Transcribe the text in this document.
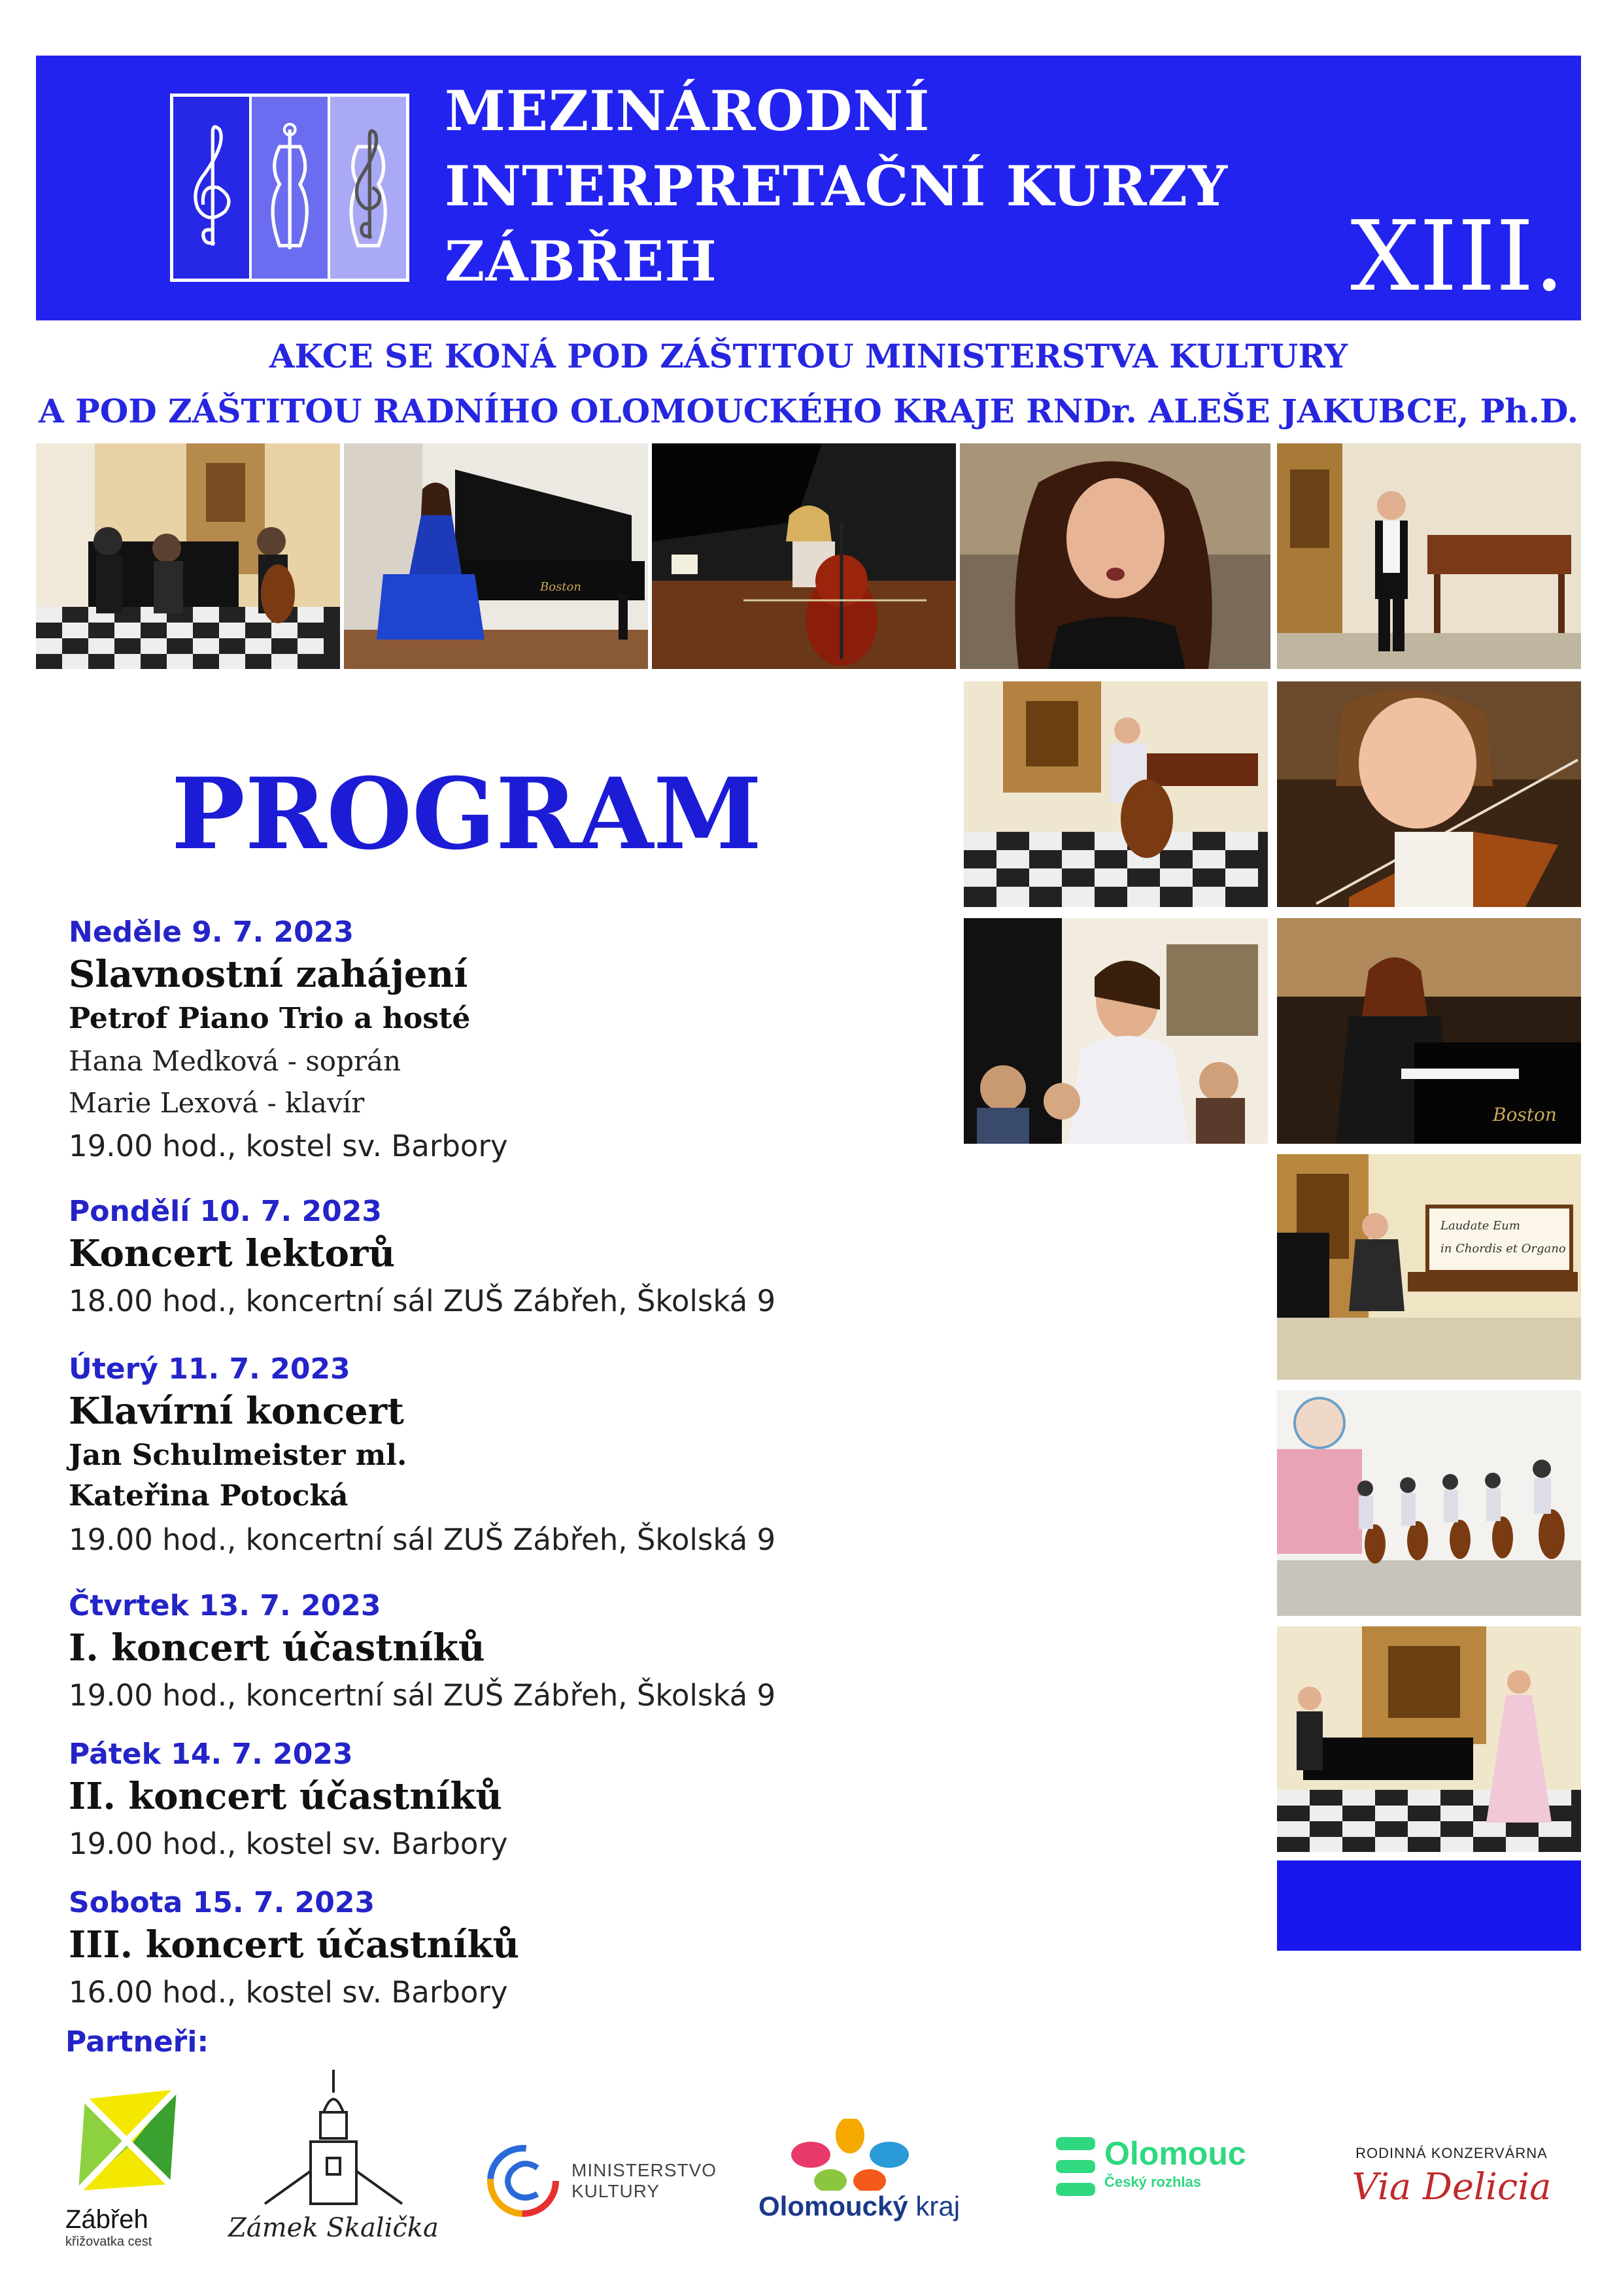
MEZINÁRODNÍ
INTERPRETAČNÍ KURZY
ZÁBŘEH	XIII.
AKCE SE KONÁ POD ZÁŠTITOU MINISTERSTVA KULTURY
A POD ZÁŠTITOU RADNÍHO OLOMOUCKÉHO KRAJE RNDr. ALEŠE JAKUBCE, Ph.D.
Boston
Boston
Laudate Eum
in Chordis et Organo
PROGRAM
Neděle 9. 7. 2023
Slavnostní zahájení
Petrof Piano Trio a hosté
Hana Medková - soprán
Marie Lexová - klavír
19.00 hod., kostel sv. Barbory
Pondělí 10. 7. 2023
Koncert lektorů
18.00 hod., koncertní sál ZUŠ Zábřeh, Školská 9
Úterý 11. 7. 2023
Klavírní koncert
Jan Schulmeister ml.
Kateřina Potocká
19.00 hod., koncertní sál ZUŠ Zábřeh, Školská 9
Čtvrtek 13. 7. 2023
I. koncert účastníků
19.00 hod., koncertní sál ZUŠ Zábřeh, Školská 9
Pátek 14. 7. 2023
II. koncert účastníků
19.00 hod., kostel sv. Barbory
Sobota 15. 7. 2023
III. koncert účastníků
16.00 hod., kostel sv. Barbory
Partneři:
Zábřeh
křižovatka cest	Zámek Skalička
MINISTERSTVO
KULTURY	Olomoucký kraj
Olomouc
Český rozhlas
RODINNÁ KONZERVÁRNA
Via Delicia
